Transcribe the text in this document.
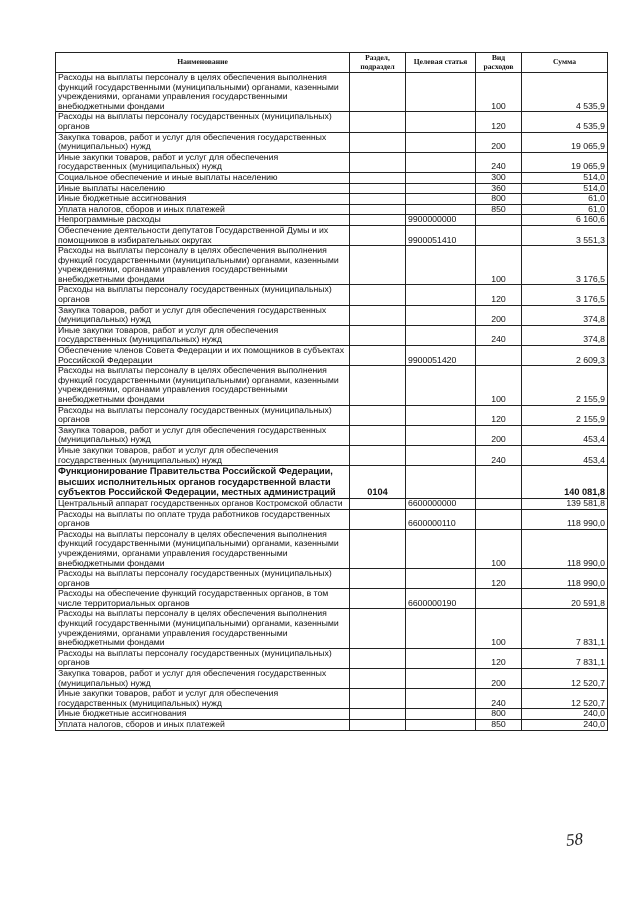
Наименование	Раздел, подраздел	Целевая статья	Вид расходов	Сумма
Расходы на выплаты персоналу в целях обеспечения выполнения функций государственными (муниципальными) органами, казенными учреждениями, органами управления государственными внебюджетными фондами			100	4 535,9
Расходы на выплаты персоналу государственных (муниципальных) органов			120	4 535,9
Закупка товаров, работ и услуг для обеспечения государственных (муниципальных) нужд			200	19 065,9
Иные закупки товаров, работ и услуг для обеспечения государственных (муниципальных) нужд			240	19 065,9
Социальное обеспечение и иные выплаты населению			300	514,0
Иные выплаты населению			360	514,0
Иные бюджетные ассигнования			800	61,0
Уплата налогов, сборов и иных платежей			850	61,0
Непрограммные расходы		9900000000		6 160,6
Обеспечение деятельности депутатов Государственной Думы и их помощников в избирательных округах		9900051410		3 551,3
Расходы на выплаты персоналу в целях обеспечения выполнения функций государственными (муниципальными) органами, казенными учреждениями, органами управления государственными внебюджетными фондами			100	3 176,5
Расходы на выплаты персоналу государственных (муниципальных) органов			120	3 176,5
Закупка товаров, работ и услуг для обеспечения государственных (муниципальных) нужд			200	374,8
Иные закупки товаров, работ и услуг для обеспечения государственных (муниципальных) нужд			240	374,8
Обеспечение членов Совета Федерации и их помощников в субъектах Российской Федерации		9900051420		2 609,3
Расходы на выплаты персоналу в целях обеспечения выполнения функций государственными (муниципальными) органами, казенными учреждениями, органами управления государственными внебюджетными фондами			100	2 155,9
Расходы на выплаты персоналу государственных (муниципальных) органов			120	2 155,9
Закупка товаров, работ и услуг для обеспечения государственных (муниципальных) нужд			200	453,4
Иные закупки товаров, работ и услуг для обеспечения государственных (муниципальных) нужд			240	453,4
Функционирование Правительства Российской Федерации, высших исполнительных органов государственной власти субъектов Российской Федерации, местных администраций	0104			140 081,8
Центральный аппарат государственных органов Костромской области		6600000000		139 581,8
Расходы на выплаты по оплате труда работников государственных органов		6600000110		118 990,0
Расходы на выплаты персоналу в целях обеспечения выполнения функций государственными (муниципальными) органами, казенными учреждениями, органами управления государственными внебюджетными фондами			100	118 990,0
Расходы на выплаты персоналу государственных (муниципальных) органов			120	118 990,0
Расходы на обеспечение функций государственных органов, в том числе территориальных органов		6600000190		20 591,8
Расходы на выплаты персоналу в целях обеспечения выполнения функций государственными (муниципальными) органами, казенными учреждениями, органами управления государственными внебюджетными фондами			100	7 831,1
Расходы на выплаты персоналу государственных (муниципальных) органов			120	7 831,1
Закупка товаров, работ и услуг для обеспечения государственных (муниципальных) нужд			200	12 520,7
Иные закупки товаров, работ и услуг для обеспечения государственных (муниципальных) нужд			240	12 520,7
Иные бюджетные ассигнования			800	240,0
Уплата налогов, сборов и иных платежей			850	240,0
58
